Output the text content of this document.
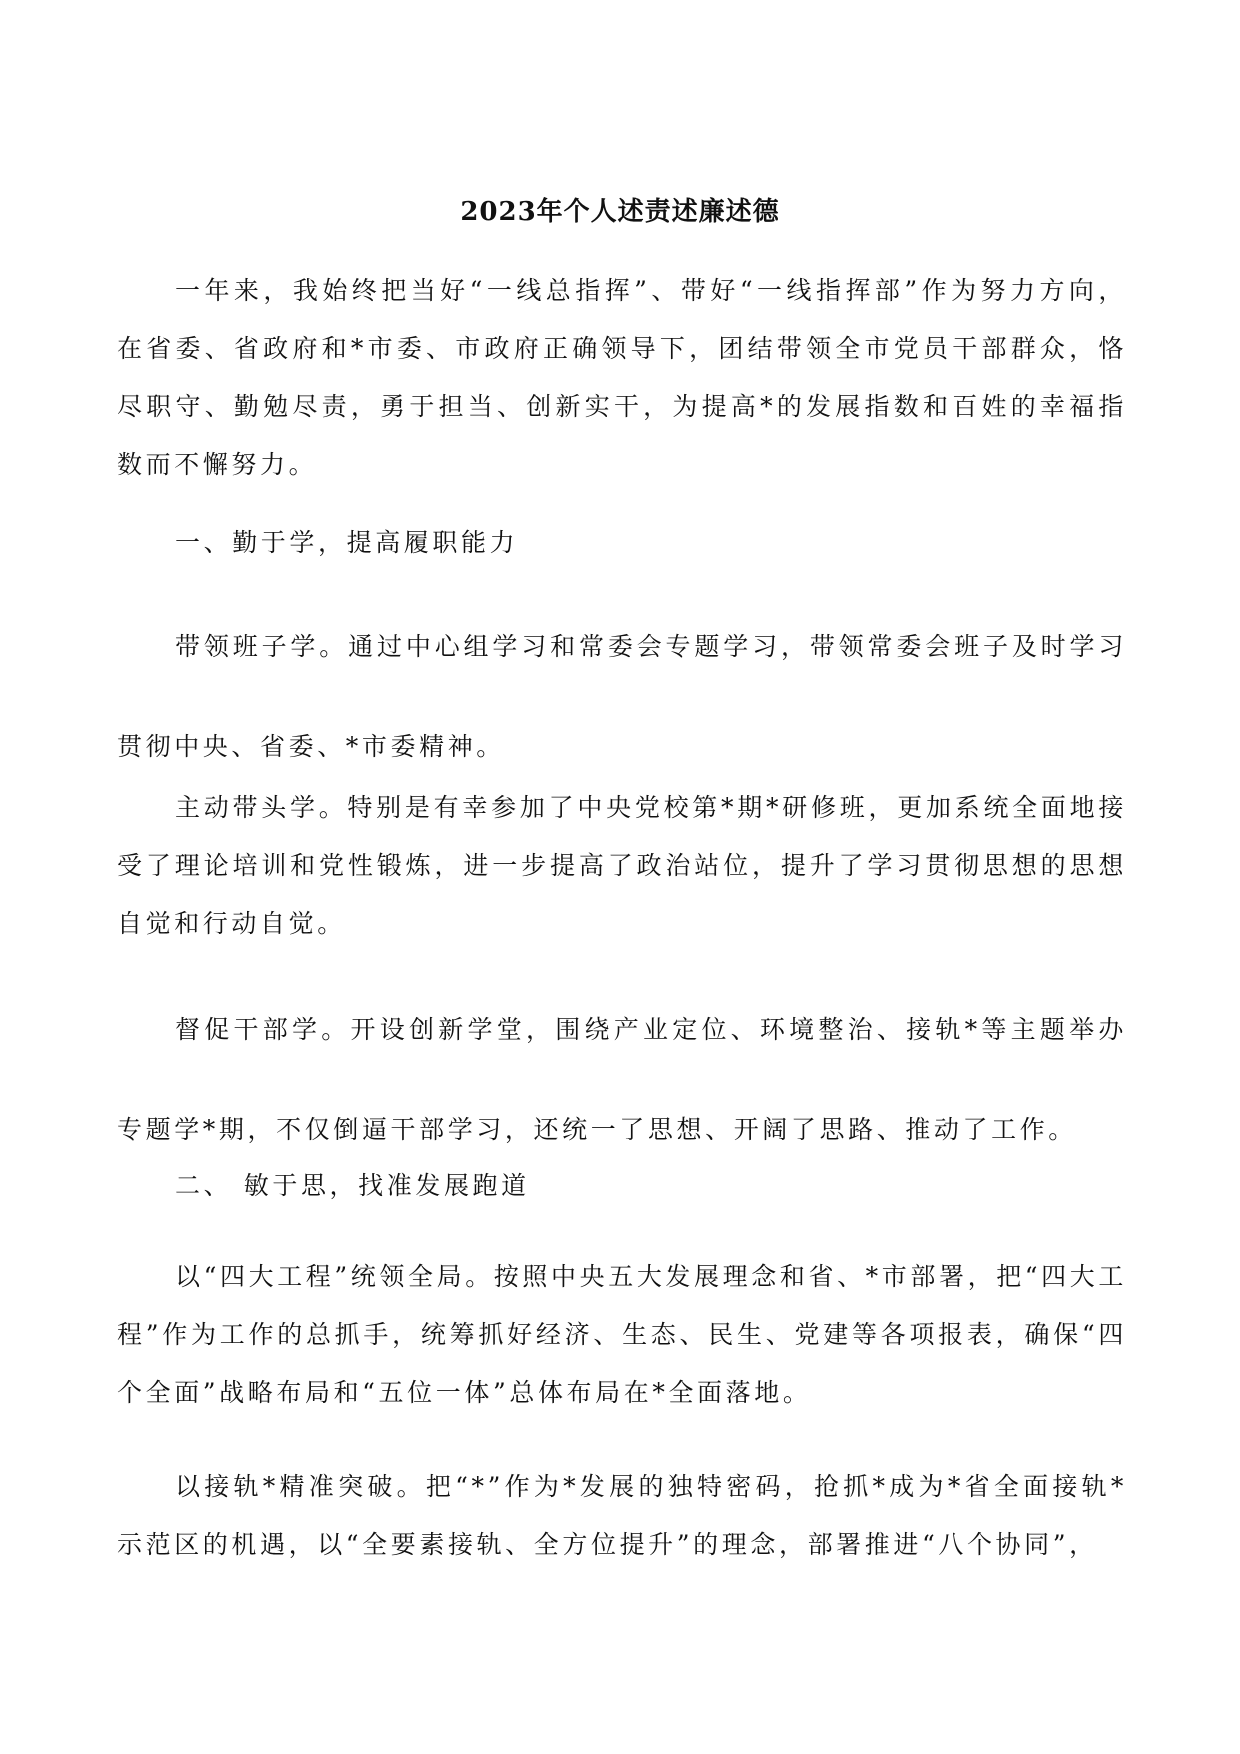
2023年个人述责述廉述德

一年来，我始终把当好“一线总指挥”、带好“一线指挥部”作为努力方向，在省委、省政府和*市委、市政府正确领导下，团结带领全市党员干部群众，恪尽职守、勤勉尽责，勇于担当、创新实干，为提高*的发展指数和百姓的幸福指数而不懈努力。

一、勤于学，提高履职能力

带领班子学。通过中心组学习和常委会专题学习，带领常委会班子及时学习贯彻中央、省委、*市委精神。

主动带头学。特别是有幸参加了中央党校第*期*研修班，更加系统全面地接受了理论培训和党性锻炼，进一步提高了政治站位，提升了学习贯彻思想的思想自觉和行动自觉。

督促干部学。开设创新学堂，围绕产业定位、环境整治、接轨*等主题举办专题学*期，不仅倒逼干部学习，还统一了思想、开阔了思路、推动了工作。

二、 敏于思，找准发展跑道

以“四大工程”统领全局。按照中央五大发展理念和省、*市部署，把“四大工程”作为工作的总抓手，统筹抓好经济、生态、民生、党建等各项报表，确保“四个全面”战略布局和“五位一体”总体布局在*全面落地。

以接轨*精准突破。把“*”作为*发展的独特密码，抢抓*成为*省全面接轨*示范区的机遇，以“全要素接轨、全方位提升”的理念，部署推进“八个协同”，
